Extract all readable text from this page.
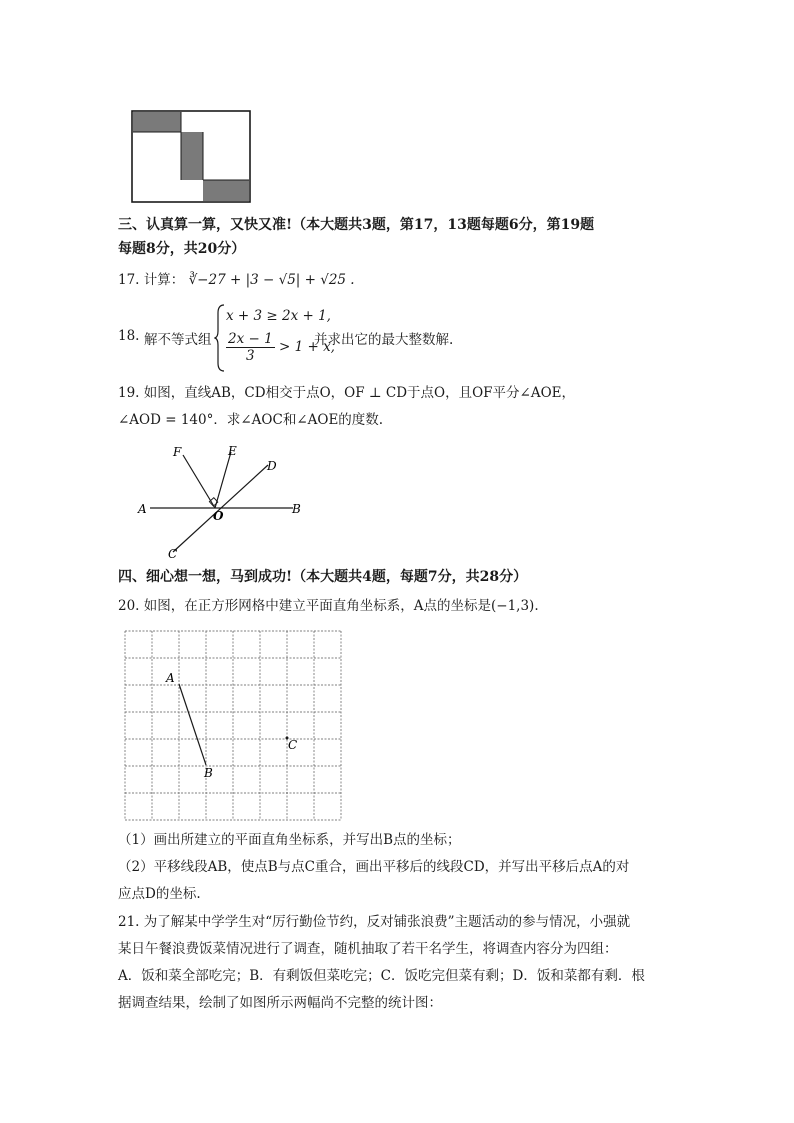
三、认真算一算，又快又准!（本大题共3题，第17，13题每题6分，第19题
每题8分，共20分）
17. 计算： ∛−27 + |3 − √5| + √25 .
18. 解不等式组
x + 3 ≥ 2x + 1,
$\frac{2x - 1}{3} > 1 + x$,
并求出它的最大整数解.
19. 如图，直线AB，CD相交于点O，OF ⊥ CD于点O，且OF平分∠AOE，
∠AOD = 140°．求∠AOC和∠AOE的度数.
A	B
C
D
E
F
O
四、细心想一想，马到成功!（本大题共4题，每题7分，共28分）
20. 如图，在正方形网格中建立平面直角坐标系，A点的坐标是(−1,3).
A
B
C
（1）画出所建立的平面直角坐标系，并写出B点的坐标；
（2）平移线段AB，使点B与点C重合，画出平移后的线段CD，并写出平移后点A的对
应点D的坐标.
21. 为了解某中学学生对“厉行勤俭节约，反对铺张浪费”主题活动的参与情况，小强就
某日午餐浪费饭菜情况进行了调查，随机抽取了若干名学生，将调查内容分为四组：
A．饭和菜全部吃完；B．有剩饭但菜吃完；C．饭吃完但菜有剩；D．饭和菜都有剩．根
据调查结果，绘制了如图所示两幅尚不完整的统计图：
